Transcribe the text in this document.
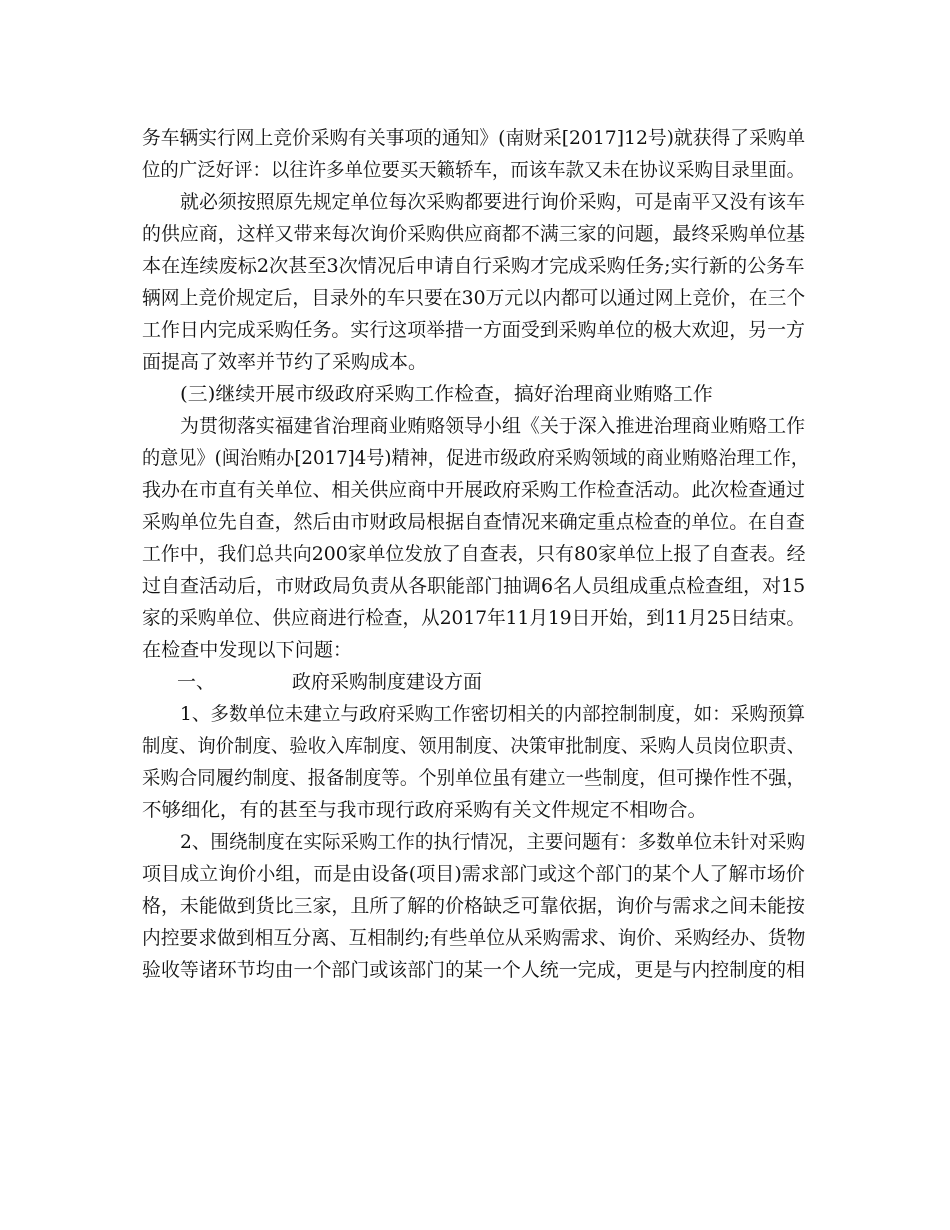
务车辆实行网上竞价采购有关事项的通知》(南财采[2017]12号)就获得了采购单
位的广泛好评：以往许多单位要买天籁轿车，而该车款又未在协议采购目录里面。
就必须按照原先规定单位每次采购都要进行询价采购，可是南平又没有该车
的供应商，这样又带来每次询价采购供应商都不满三家的问题，最终采购单位基
本在连续废标2次甚至3次情况后申请自行采购才完成采购任务;实行新的公务车
辆网上竞价规定后，目录外的车只要在30万元以内都可以通过网上竞价，在三个
工作日内完成采购任务。实行这项举措一方面受到采购单位的极大欢迎，另一方
面提高了效率并节约了采购成本。
(三)继续开展市级政府采购工作检查，搞好治理商业贿赂工作
为贯彻落实福建省治理商业贿赂领导小组《关于深入推进治理商业贿赂工作
的意见》(闽治贿办[2017]4号)精神，促进市级政府采购领域的商业贿赂治理工作，
我办在市直有关单位、相关供应商中开展政府采购工作检查活动。此次检查通过
采购单位先自查，然后由市财政局根据自查情况来确定重点检查的单位。在自查
工作中，我们总共向200家单位发放了自查表，只有80家单位上报了自查表。经
过自查活动后，市财政局负责从各职能部门抽调6名人员组成重点检查组，对15
家的采购单位、供应商进行检查，从2017年11月19日开始，到11月25日结束。
在检查中发现以下问题：
一、	政府采购制度建设方面
1、多数单位未建立与政府采购工作密切相关的内部控制制度，如：采购预算
制度、询价制度、验收入库制度、领用制度、决策审批制度、采购人员岗位职责、
采购合同履约制度、报备制度等。个别单位虽有建立一些制度，但可操作性不强，
不够细化，有的甚至与我市现行政府采购有关文件规定不相吻合。
2、围绕制度在实际采购工作的执行情况，主要问题有：多数单位未针对采购
项目成立询价小组，而是由设备(项目)需求部门或这个部门的某个人了解市场价
格，未能做到货比三家，且所了解的价格缺乏可靠依据，询价与需求之间未能按
内控要求做到相互分离、互相制约;有些单位从采购需求、询价、采购经办、货物
验收等诸环节均由一个部门或该部门的某一个人统一完成，更是与内控制度的相
